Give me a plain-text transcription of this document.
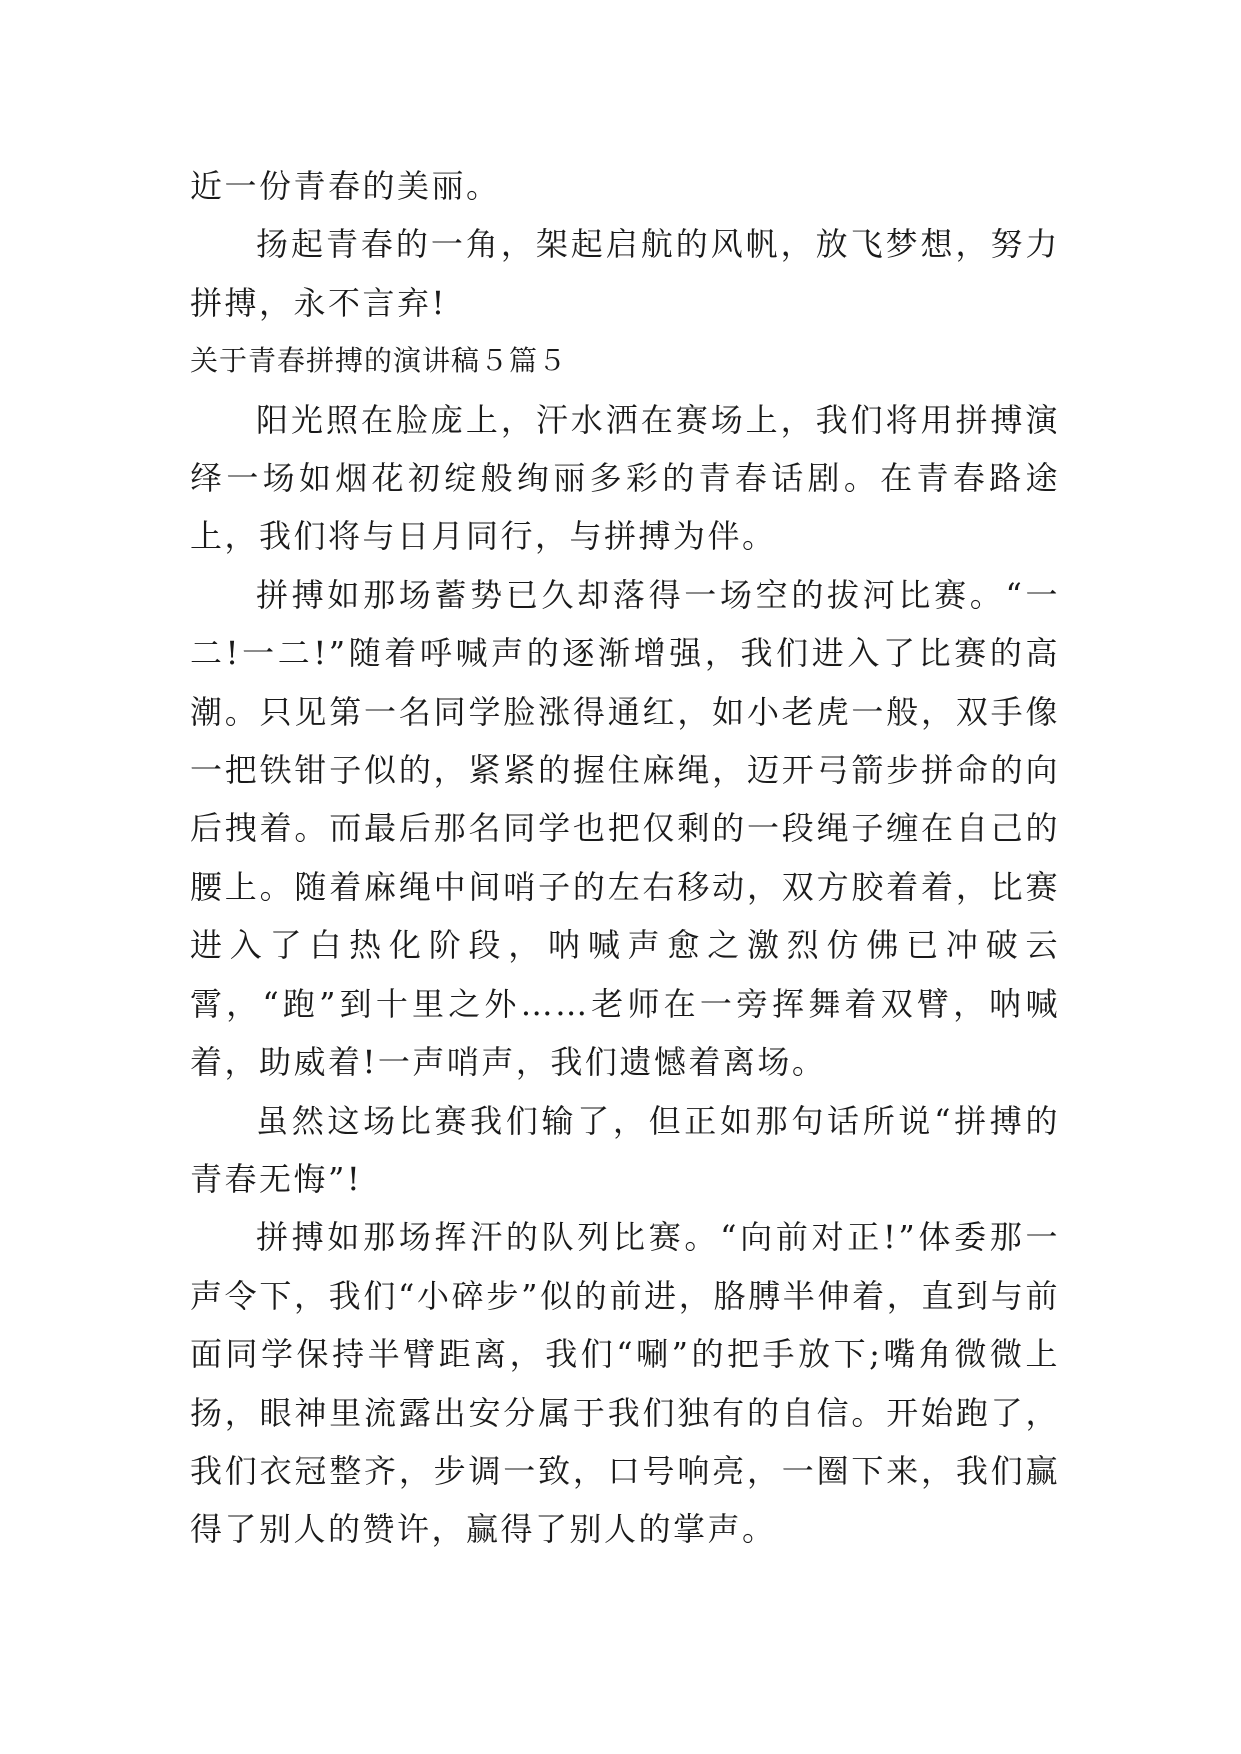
近一份青春的美丽。

扬起青春的一角，架起启航的风帆，放飞梦想，努力拼搏，永不言弃!

关于青春拼搏的演讲稿５篇５

阳光照在脸庞上，汗水洒在赛场上，我们将用拼搏演绎一场如烟花初绽般绚丽多彩的青春话剧。在青春路途上，我们将与日月同行，与拼搏为伴。

拼搏如那场蓄势已久却落得一场空的拔河比赛。“一二!一二!”随着呼喊声的逐渐增强，我们进入了比赛的高潮。只见第一名同学脸涨得通红，如小老虎一般，双手像一把铁钳子似的，紧紧的握住麻绳，迈开弓箭步拼命的向后拽着。而最后那名同学也把仅剩的一段绳子缠在自己的腰上。随着麻绳中间哨子的左右移动，双方胶着着，比赛进入了白热化阶段，呐喊声愈之激烈仿佛已冲破云霄，“跑”到十里之外……老师在一旁挥舞着双臂，呐喊着，助威着!一声哨声，我们遗憾着离场。

虽然这场比赛我们输了，但正如那句话所说“拼搏的青春无悔”!

拼搏如那场挥汗的队列比赛。“向前对正!”体委那一声令下，我们“小碎步”似的前进，胳膊半伸着，直到与前面同学保持半臂距离，我们“唰”的把手放下;嘴角微微上扬，眼神里流露出安分属于我们独有的自信。开始跑了，我们衣冠整齐，步调一致，口号响亮，一圈下来，我们赢得了别人的赞许，赢得了别人的掌声。
